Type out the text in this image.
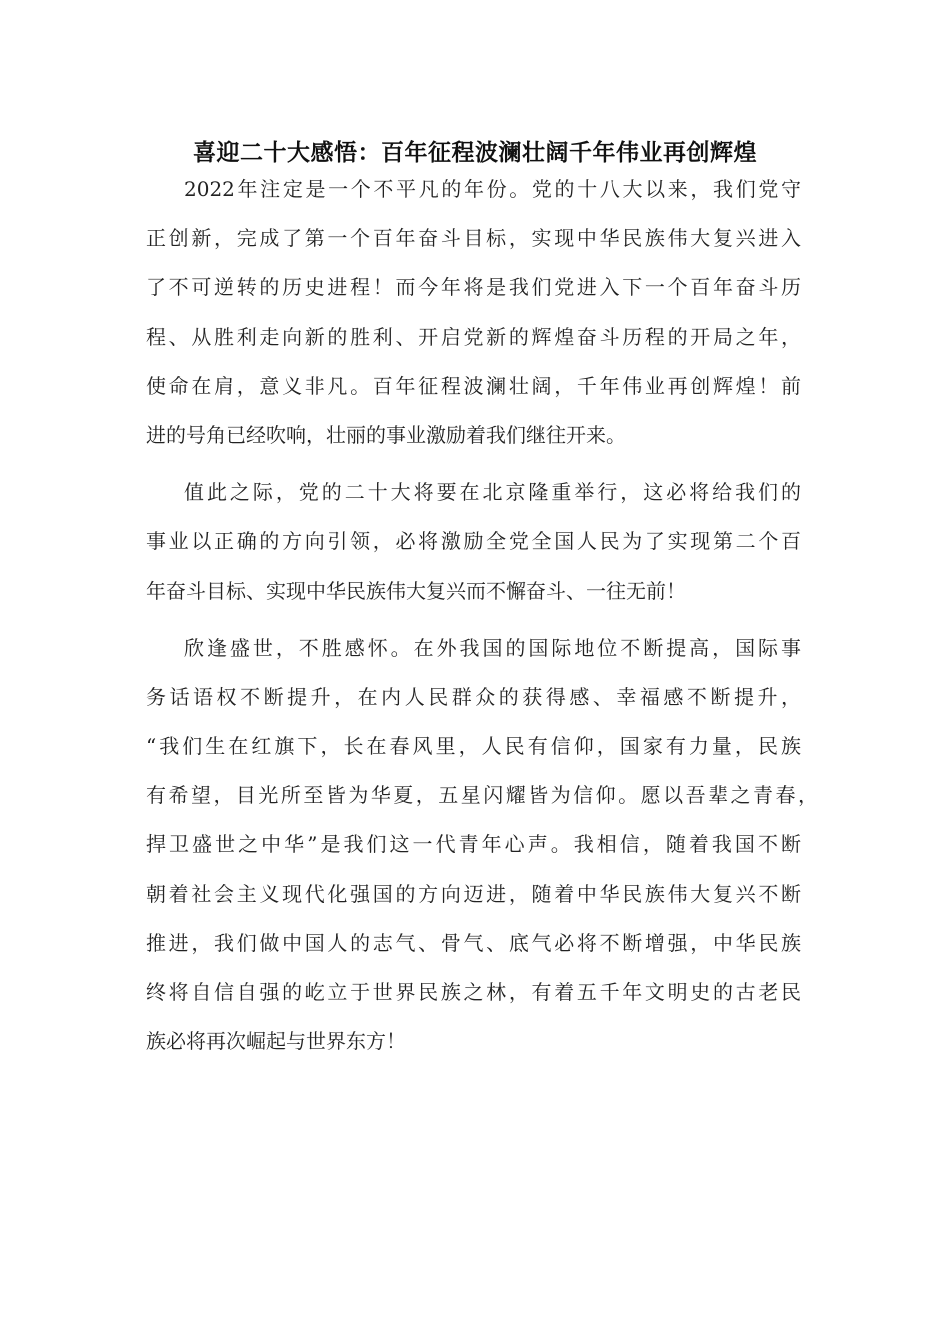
喜迎二十大感悟：百年征程波澜壮阔千年伟业再创辉煌
2022年注定是一个不平凡的年份。党的十八大以来，我们党守
正创新，完成了第一个百年奋斗目标，实现中华民族伟大复兴进入
了不可逆转的历史进程！而今年将是我们党进入下一个百年奋斗历
程、从胜利走向新的胜利、开启党新的辉煌奋斗历程的开局之年，
使命在肩，意义非凡。百年征程波澜壮阔，千年伟业再创辉煌！前
进的号角已经吹响，壮丽的事业激励着我们继往开来。
值此之际，党的二十大将要在北京隆重举行，这必将给我们的
事业以正确的方向引领，必将激励全党全国人民为了实现第二个百
年奋斗目标、实现中华民族伟大复兴而不懈奋斗、一往无前！
欣逢盛世，不胜感怀。在外我国的国际地位不断提高，国际事
务话语权不断提升，在内人民群众的获得感、幸福感不断提升，
“我们生在红旗下，长在春风里，人民有信仰，国家有力量，民族
有希望，目光所至皆为华夏，五星闪耀皆为信仰。愿以吾辈之青春，
捍卫盛世之中华”是我们这一代青年心声。我相信，随着我国不断
朝着社会主义现代化强国的方向迈进，随着中华民族伟大复兴不断
推进，我们做中国人的志气、骨气、底气必将不断增强，中华民族
终将自信自强的屹立于世界民族之林，有着五千年文明史的古老民
族必将再次崛起与世界东方！
